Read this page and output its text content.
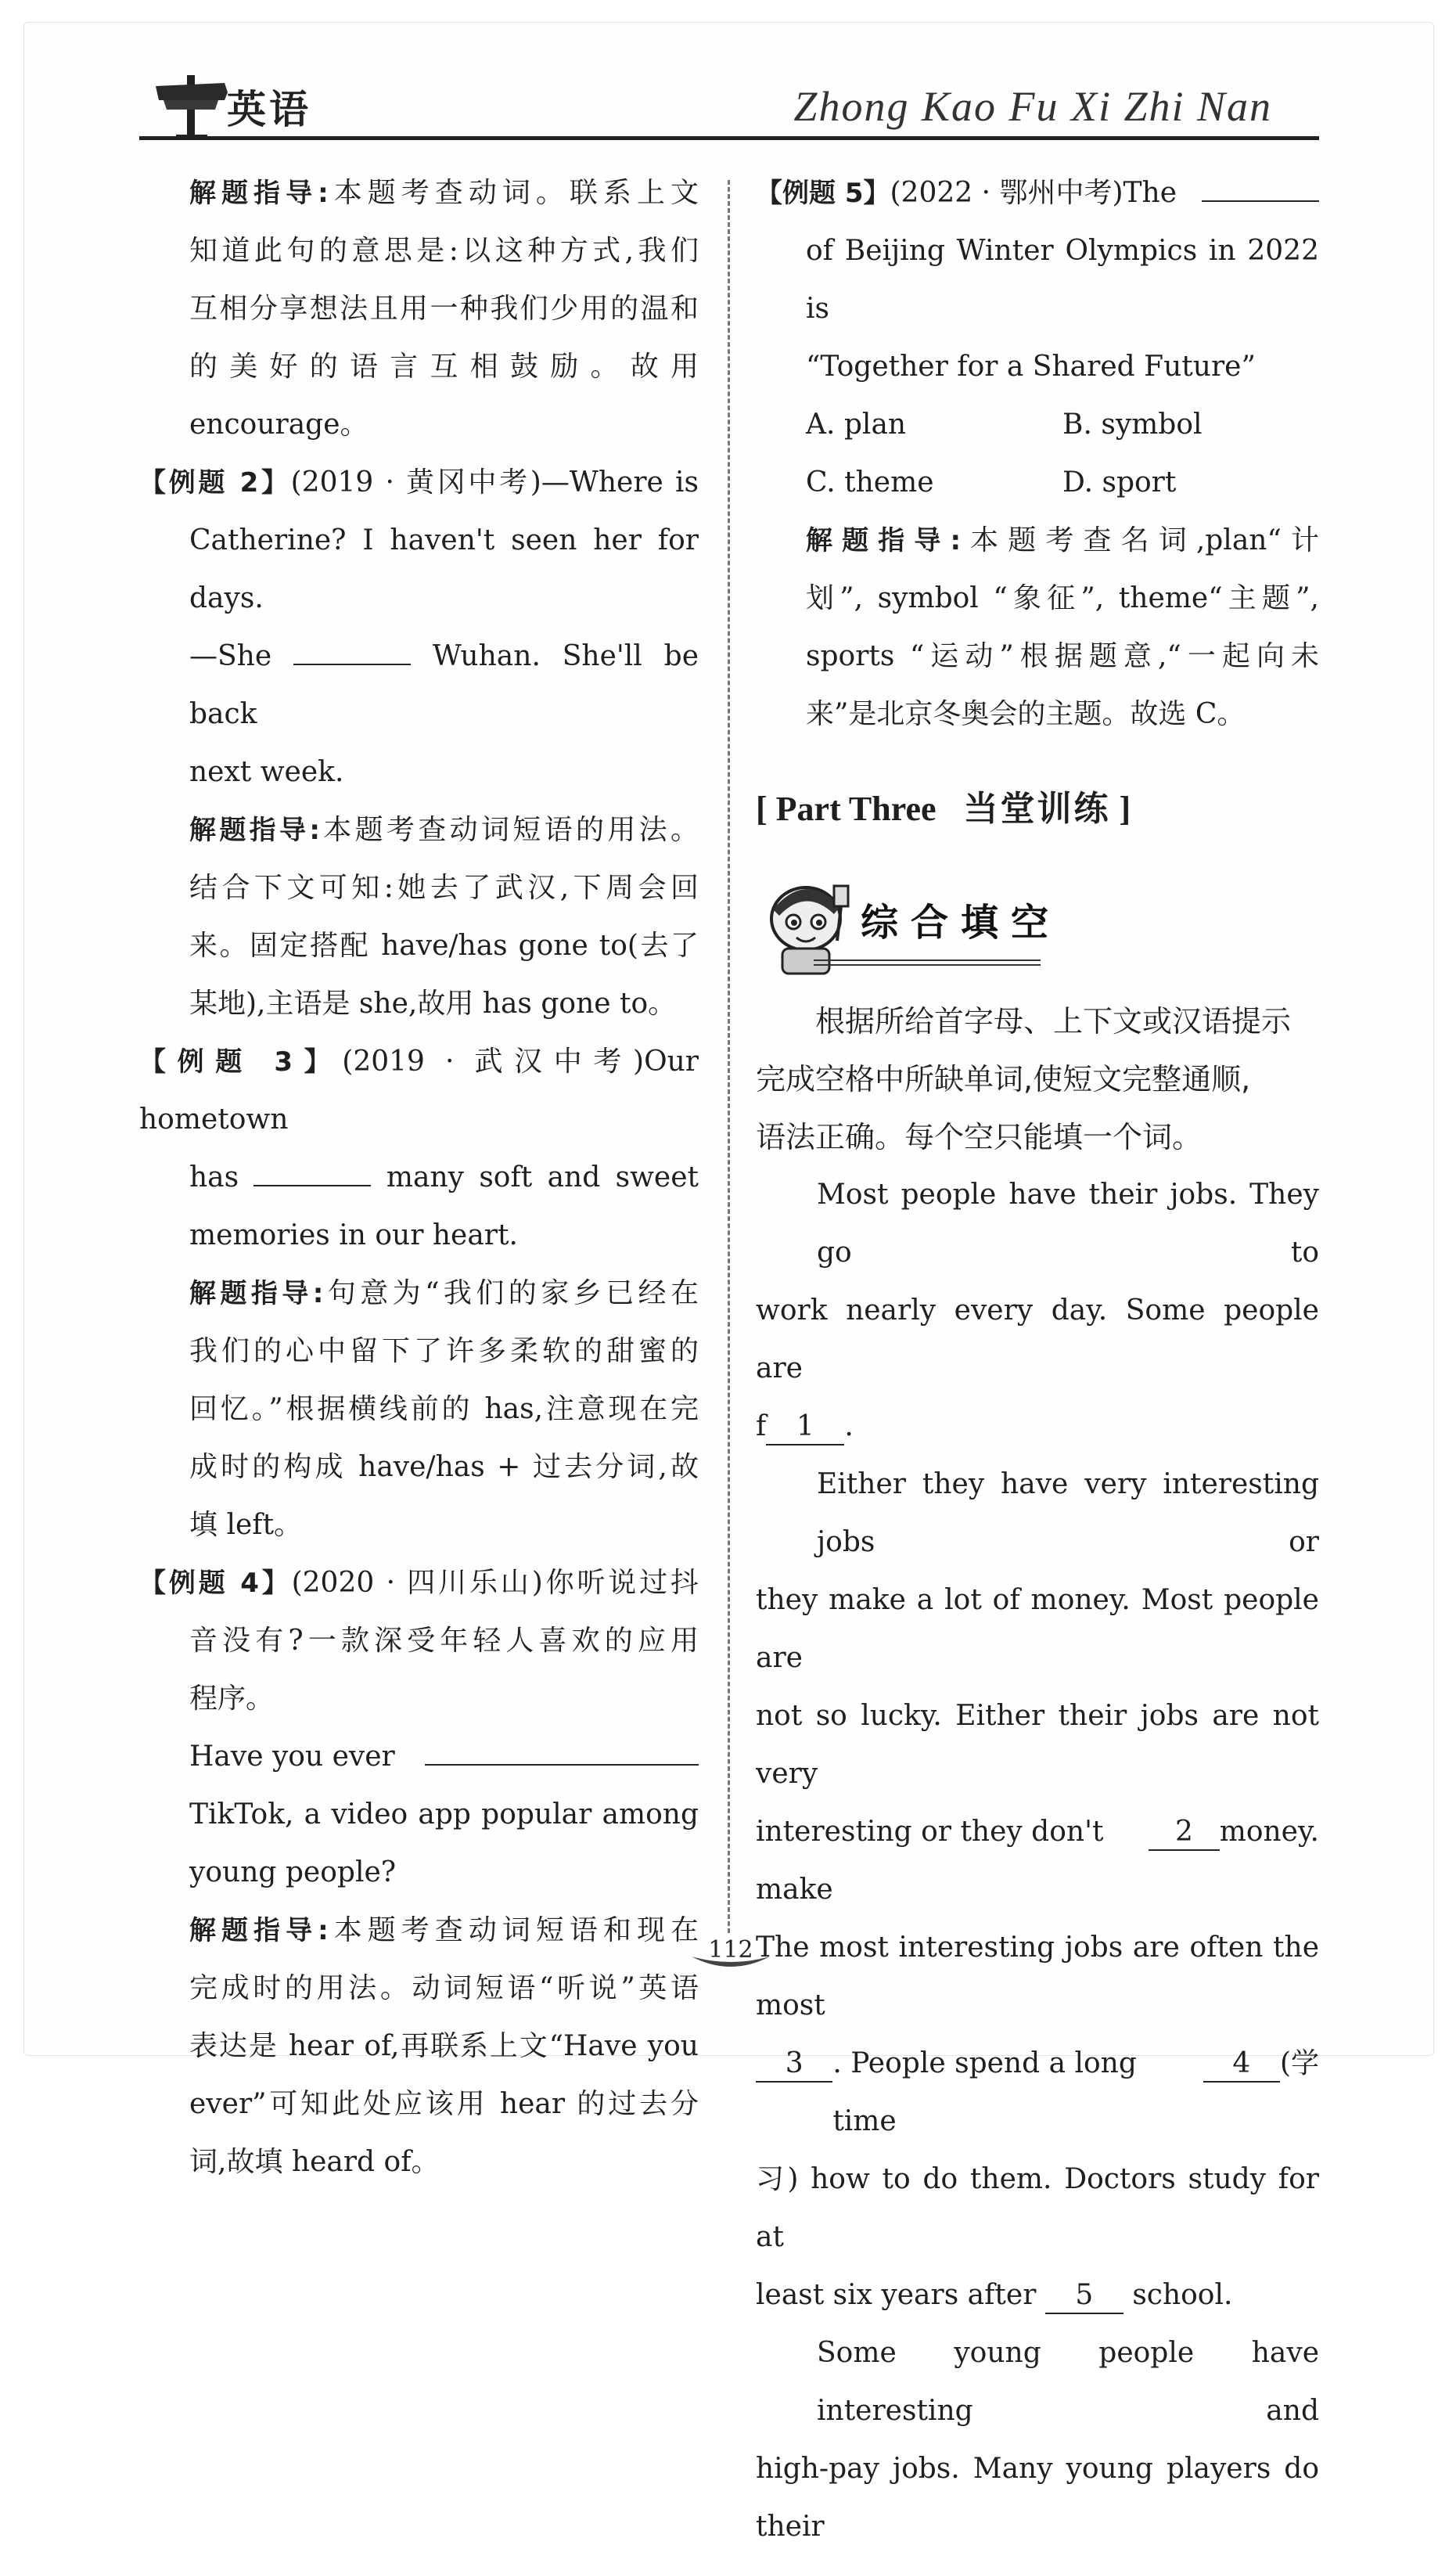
英语	Zhong Kao Fu Xi Zhi Nan

解题指导:本题考查动词。联系上文

知道此句的意思是:以这种方式,我们

互相分享想法且用一种我们少用的温和

的美好的语言互相鼓励。故用 encourage。

【例题 2】(2019 · 黄冈中考)—Where is

Catherine? I haven't seen her for days.

—She	Wuhan. She'll be back

next week.

解题指导:本题考查动词短语的用法。

结合下文可知:她去了武汉,下周会回

来。固定搭配 have/has gone to(去了

某地),主语是 she,故用 has gone to。

【例题 3】(2019 · 武汉中考)Our hometown

has	many soft and sweet

memories in our heart.

解题指导:句意为“我们的家乡已经在

我们的心中留下了许多柔软的甜蜜的

回忆。”根据横线前的 has,注意现在完

成时的构成 have/has + 过去分词,故

填 left。

【例题 4】(2020 · 四川乐山)你听说过抖

音没有?一款深受年轻人喜欢的应用

程序。

Have you ever

TikTok, a video app popular among

young people?

解题指导:本题考查动词短语和现在

完成时的用法。动词短语“听说”英语

表达是 hear of,再联系上文“Have you

ever”可知此处应该用 hear 的过去分

词,故填 heard of。

【例题 5】 (2022 · 鄂州中考)The

of Beijing Winter Olympics in 2022 is

“Together for a Shared Future”

A. plan	B. symbol

C. theme	D. sport

解题指导:本题考查名词,plan“计

划”, symbol “象征”, theme“主题”,

sports “运动”根据题意,“一起向未

来”是北京冬奥会的主题。故选 C。

[ Part Three 当堂训练 ]
综合填空

根据所给首字母、上下文或汉语提示

完成空格中所缺单词,使短文完整通顺,

语法正确。每个空只能填一个词。

Most people have their jobs. They go to

work nearly every day. Some people are

f 1 .

Either they have very interesting jobs or

they make a lot of money. Most people are

not so lucky. Either their jobs are not very

interesting or they don't make
2 money.

The most interesting jobs are often the most

3	. People spend a long time
4	(学

习) how to do them. Doctors study for at

least six years after 5 school.

Some young people have interesting and

high-pay jobs. Many young players do their

112
